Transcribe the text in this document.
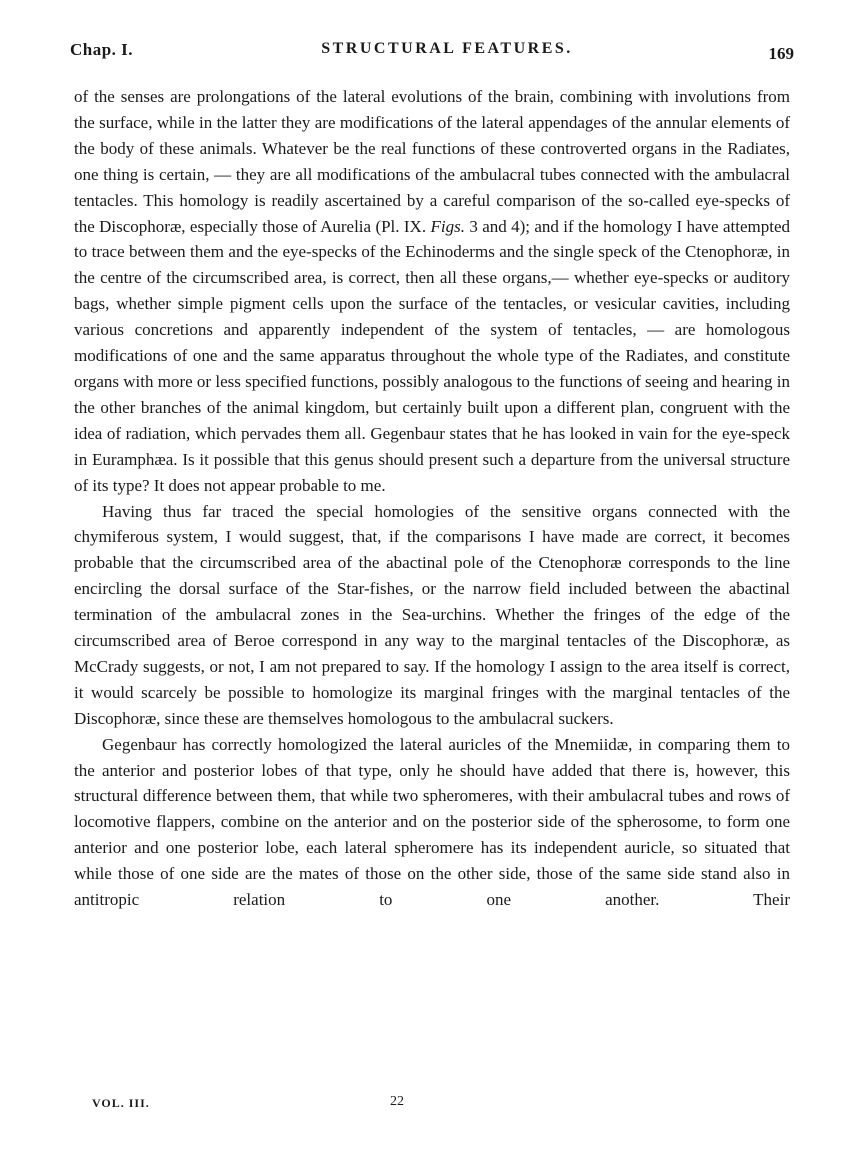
Chap. I.	STRUCTURAL FEATURES.	169

of the senses are prolongations of the lateral evolutions of the brain, combining with involutions from the surface, while in the latter they are modifications of the lateral appendages of the annular elements of the body of these animals. Whatever be the real functions of these controverted organs in the Radiates, one thing is certain, — they are all modifications of the ambulacral tubes connected with the ambulacral tentacles. This homology is readily ascertained by a careful comparison of the so-called eye-specks of the Discophoræ, especially those of Aurelia (Pl. IX. Figs. 3 and 4); and if the homology I have attempted to trace between them and the eye-specks of the Echinoderms and the single speck of the Ctenophoræ, in the centre of the circumscribed area, is correct, then all these organs,— whether eye-specks or auditory bags, whether simple pigment cells upon the surface of the tentacles, or vesicular cavities, including various concretions and apparently independent of the system of tentacles, — are homologous modifications of one and the same apparatus throughout the whole type of the Radiates, and constitute organs with more or less specified functions, possibly analogous to the functions of seeing and hearing in the other branches of the animal kingdom, but certainly built upon a different plan, congruent with the idea of radiation, which pervades them all. Gegenbaur states that he has looked in vain for the eye-speck in Euramphæa. Is it possible that this genus should present such a departure from the universal structure of its type? It does not appear probable to me.

Having thus far traced the special homologies of the sensitive organs connected with the chymiferous system, I would suggest, that, if the comparisons I have made are correct, it becomes probable that the circumscribed area of the abactinal pole of the Ctenophoræ corresponds to the line encircling the dorsal surface of the Star-fishes, or the narrow field included between the abactinal termination of the ambulacral zones in the Sea-urchins. Whether the fringes of the edge of the circumscribed area of Beroe correspond in any way to the marginal tentacles of the Discophoræ, as McCrady suggests, or not, I am not prepared to say. If the homology I assign to the area itself is correct, it would scarcely be possible to homologize its marginal fringes with the marginal tentacles of the Discophoræ, since these are themselves homologous to the ambulacral suckers.

Gegenbaur has correctly homologized the lateral auricles of the Mnemiidæ, in comparing them to the anterior and posterior lobes of that type, only he should have added that there is, however, this structural difference between them, that while two spheromeres, with their ambulacral tubes and rows of locomotive flappers, combine on the anterior and on the posterior side of the spherosome, to form one anterior and one posterior lobe, each lateral spheromere has its independent auricle, so situated that while those of one side are the mates of those on the other side, those of the same side stand also in antitropic relation to one another. Their

VOL. III.	22
